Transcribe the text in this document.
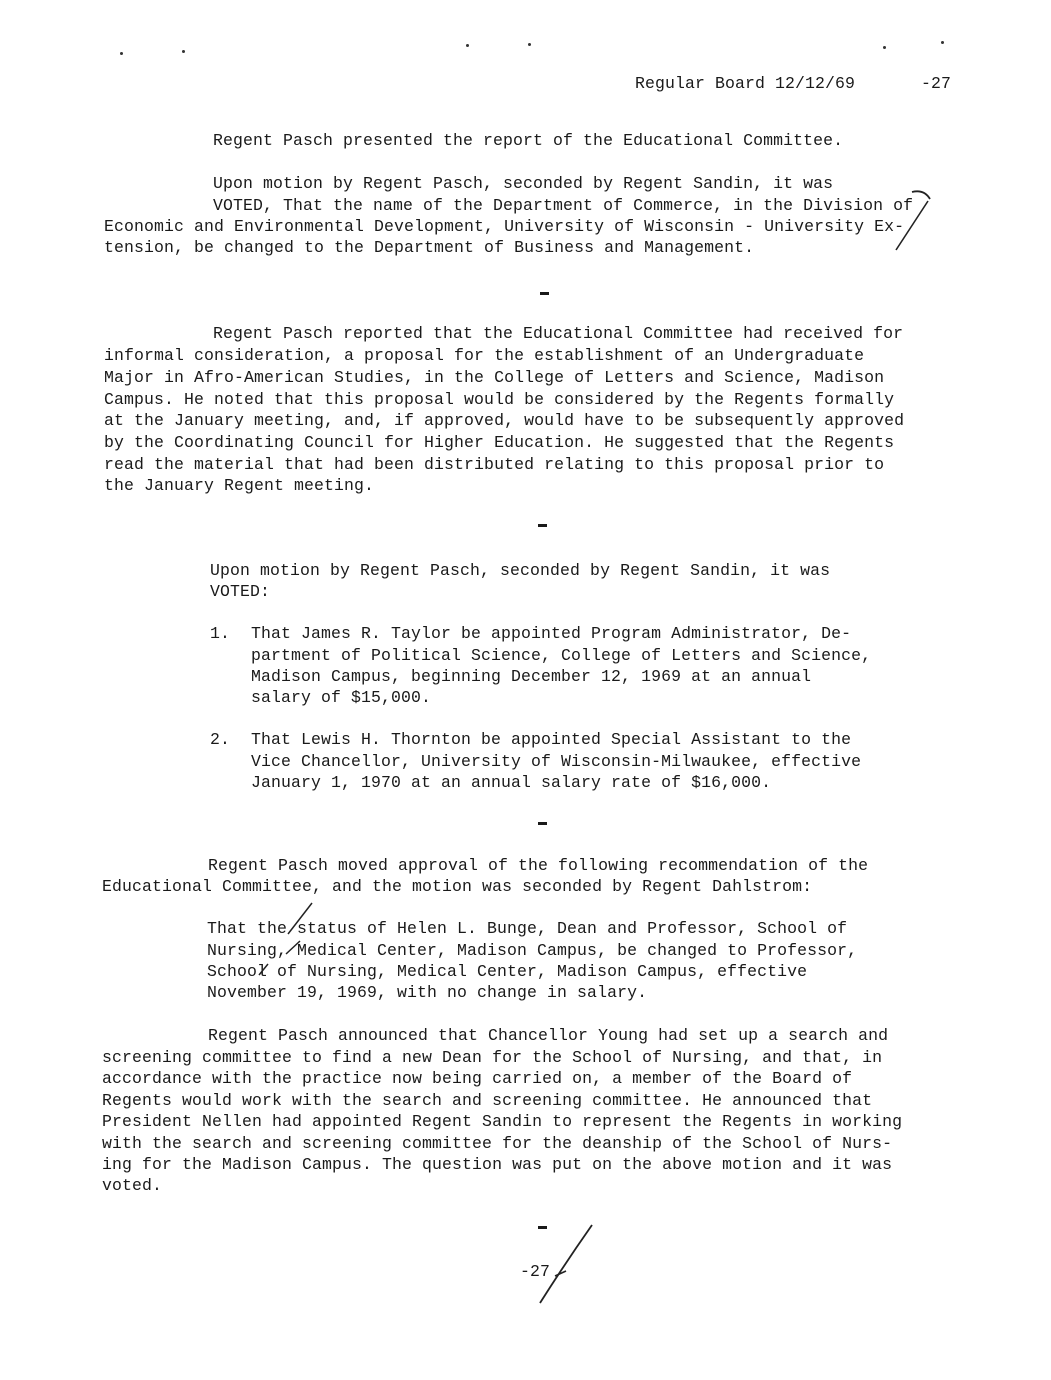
Regular Board 12/12/69	-27
Regent Pasch presented the report of the Educational Committee.
Upon motion by Regent Pasch, seconded by Regent Sandin, it was
VOTED, That the name of the Department of Commerce, in the Division of
Economic and Environmental Development, University of Wisconsin - University Ex-
tension, be changed to the Department of Business and Management.
Regent Pasch reported that the Educational Committee had received for
informal consideration, a proposal for the establishment of an Undergraduate
Major in Afro-American Studies, in the College of Letters and Science, Madison
Campus. He noted that this proposal would be considered by the Regents formally
at the January meeting, and, if approved, would have to be subsequently approved
by the Coordinating Council for Higher Education. He suggested that the Regents
read the material that had been distributed relating to this proposal prior to
the January Regent meeting.
Upon motion by Regent Pasch, seconded by Regent Sandin, it was
VOTED:
1. That James R. Taylor be appointed Program Administrator, De-
partment of Political Science, College of Letters and Science,
Madison Campus, beginning December 12, 1969 at an annual
salary of $15,000.
2. That Lewis H. Thornton be appointed Special Assistant to the
Vice Chancellor, University of Wisconsin-Milwaukee, effective
January 1, 1970 at an annual salary rate of $16,000.
Regent Pasch moved approval of the following recommendation of the
Educational Committee, and the motion was seconded by Regent Dahlstrom:
That the status of Helen L. Bunge, Dean and Professor, School of
Nursing, Medical Center, Madison Campus, be changed to Professor,
School of Nursing, Medical Center, Madison Campus, effective
November 19, 1969, with no change in salary.
Regent Pasch announced that Chancellor Young had set up a search and
screening committee to find a new Dean for the School of Nursing, and that, in
accordance with the practice now being carried on, a member of the Board of
Regents would work with the search and screening committee. He announced that
President Nellen had appointed Regent Sandin to represent the Regents in working
with the search and screening committee for the deanship of the School of Nurs-
ing for the Madison Campus. The question was put on the above motion and it was
voted.
-27
